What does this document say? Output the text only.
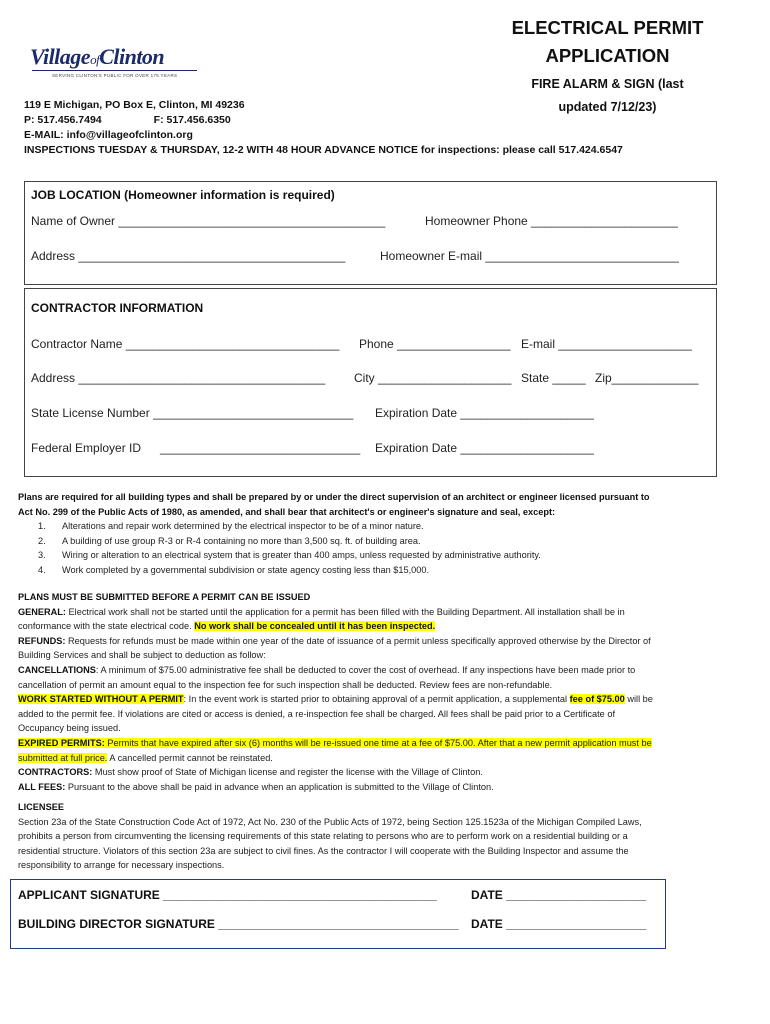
VillageofClinton
SERVING CLINTON'S PUBLIC FOR OVER 175 YEARS
ELECTRICAL PERMIT
APPLICATION
FIRE ALARM & SIGN (last
updated 7/12/23)
119 E Michigan, PO Box E, Clinton, MI 49236
P: 517.456.7494	F: 517.456.6350
E-MAIL: info@villageofclinton.org
INSPECTIONS TUESDAY & THURSDAY, 12-2 WITH 48 HOUR ADVANCE NOTICE for inspections: please call 517.424.6547
JOB LOCATION (Homeowner information is required)
Name of Owner ________________________________________	Homeowner Phone ______________________
Address ________________________________________	Homeowner E-mail _____________________________
CONTRACTOR INFORMATION
Contractor Name ________________________________ Phone _________________ E-mail ____________________
Address _____________________________________ City ____________________ State _____ Zip_____________
State License Number ______________________________ Expiration Date ____________________
Federal Employer ID ______________________________ Expiration Date ____________________
Plans are required for all building types and shall be prepared by or under the direct supervision of an architect or engineer licensed pursuant to
Act No. 299 of the Public Acts of 1980, as amended, and shall bear that architect's or engineer's signature and seal, except:
1. Alterations and repair work determined by the electrical inspector to be of a minor nature.
2. A building of use group R-3 or R-4 containing no more than 3,500 sq. ft. of building area.
3. Wiring or alteration to an electrical system that is greater than 400 amps, unless requested by administrative authority.
4. Work completed by a governmental subdivision or state agency costing less than $15,000.
PLANS MUST BE SUBMITTED BEFORE A PERMIT CAN BE ISSUED
GENERAL: Electrical work shall not be started until the application for a permit has been filled with the Building Department. All installation shall be in
conformance with the state electrical code. No work shall be concealed until it has been inspected.
REFUNDS: Requests for refunds must be made within one year of the date of issuance of a permit unless specifically approved otherwise by the Director of
Building Services and shall be subject to deduction as follow:
CANCELLATIONS: A minimum of $75.00 administrative fee shall be deducted to cover the cost of overhead. If any inspections have been made prior to
cancellation of permit an amount equal to the inspection fee for such inspection shall be deducted. Review fees are non-refundable.
WORK STARTED WITHOUT A PERMIT: In the event work is started prior to obtaining approval of a permit application, a supplemental fee of $75.00 will be
added to the permit fee. If violations are cited or access is denied, a re-inspection fee shall be charged. All fees shall be paid prior to a Certificate of
Occupancy being issued.
EXPIRED PERMITS: Permits that have expired after six (6) months will be re-issued one time at a fee of $75.00. After that a new permit application must be
submitted at full price. A cancelled permit cannot be reinstated.
CONTRACTORS: Must show proof of State of Michigan license and register the license with the Village of Clinton.
ALL FEES: Pursuant to the above shall be paid in advance when an application is submitted to the Village of Clinton.
LICENSEE
Section 23a of the State Construction Code Act of 1972, Act No. 230 of the Public Acts of 1972, being Section 125.1523a of the Michigan Compiled Laws,
prohibits a person from circumventing the licensing requirements of this state relating to persons who are to perform work on a residential building or a
residential structure. Violators of this section 23a are subject to civil fines. As the contractor I will cooperate with the Building Inspector and assume the
responsibility to arrange for necessary inspections.
APPLICANT SIGNATURE _________________________________________	DATE _____________________
BUILDING DIRECTOR SIGNATURE ____________________________________ DATE _____________________
